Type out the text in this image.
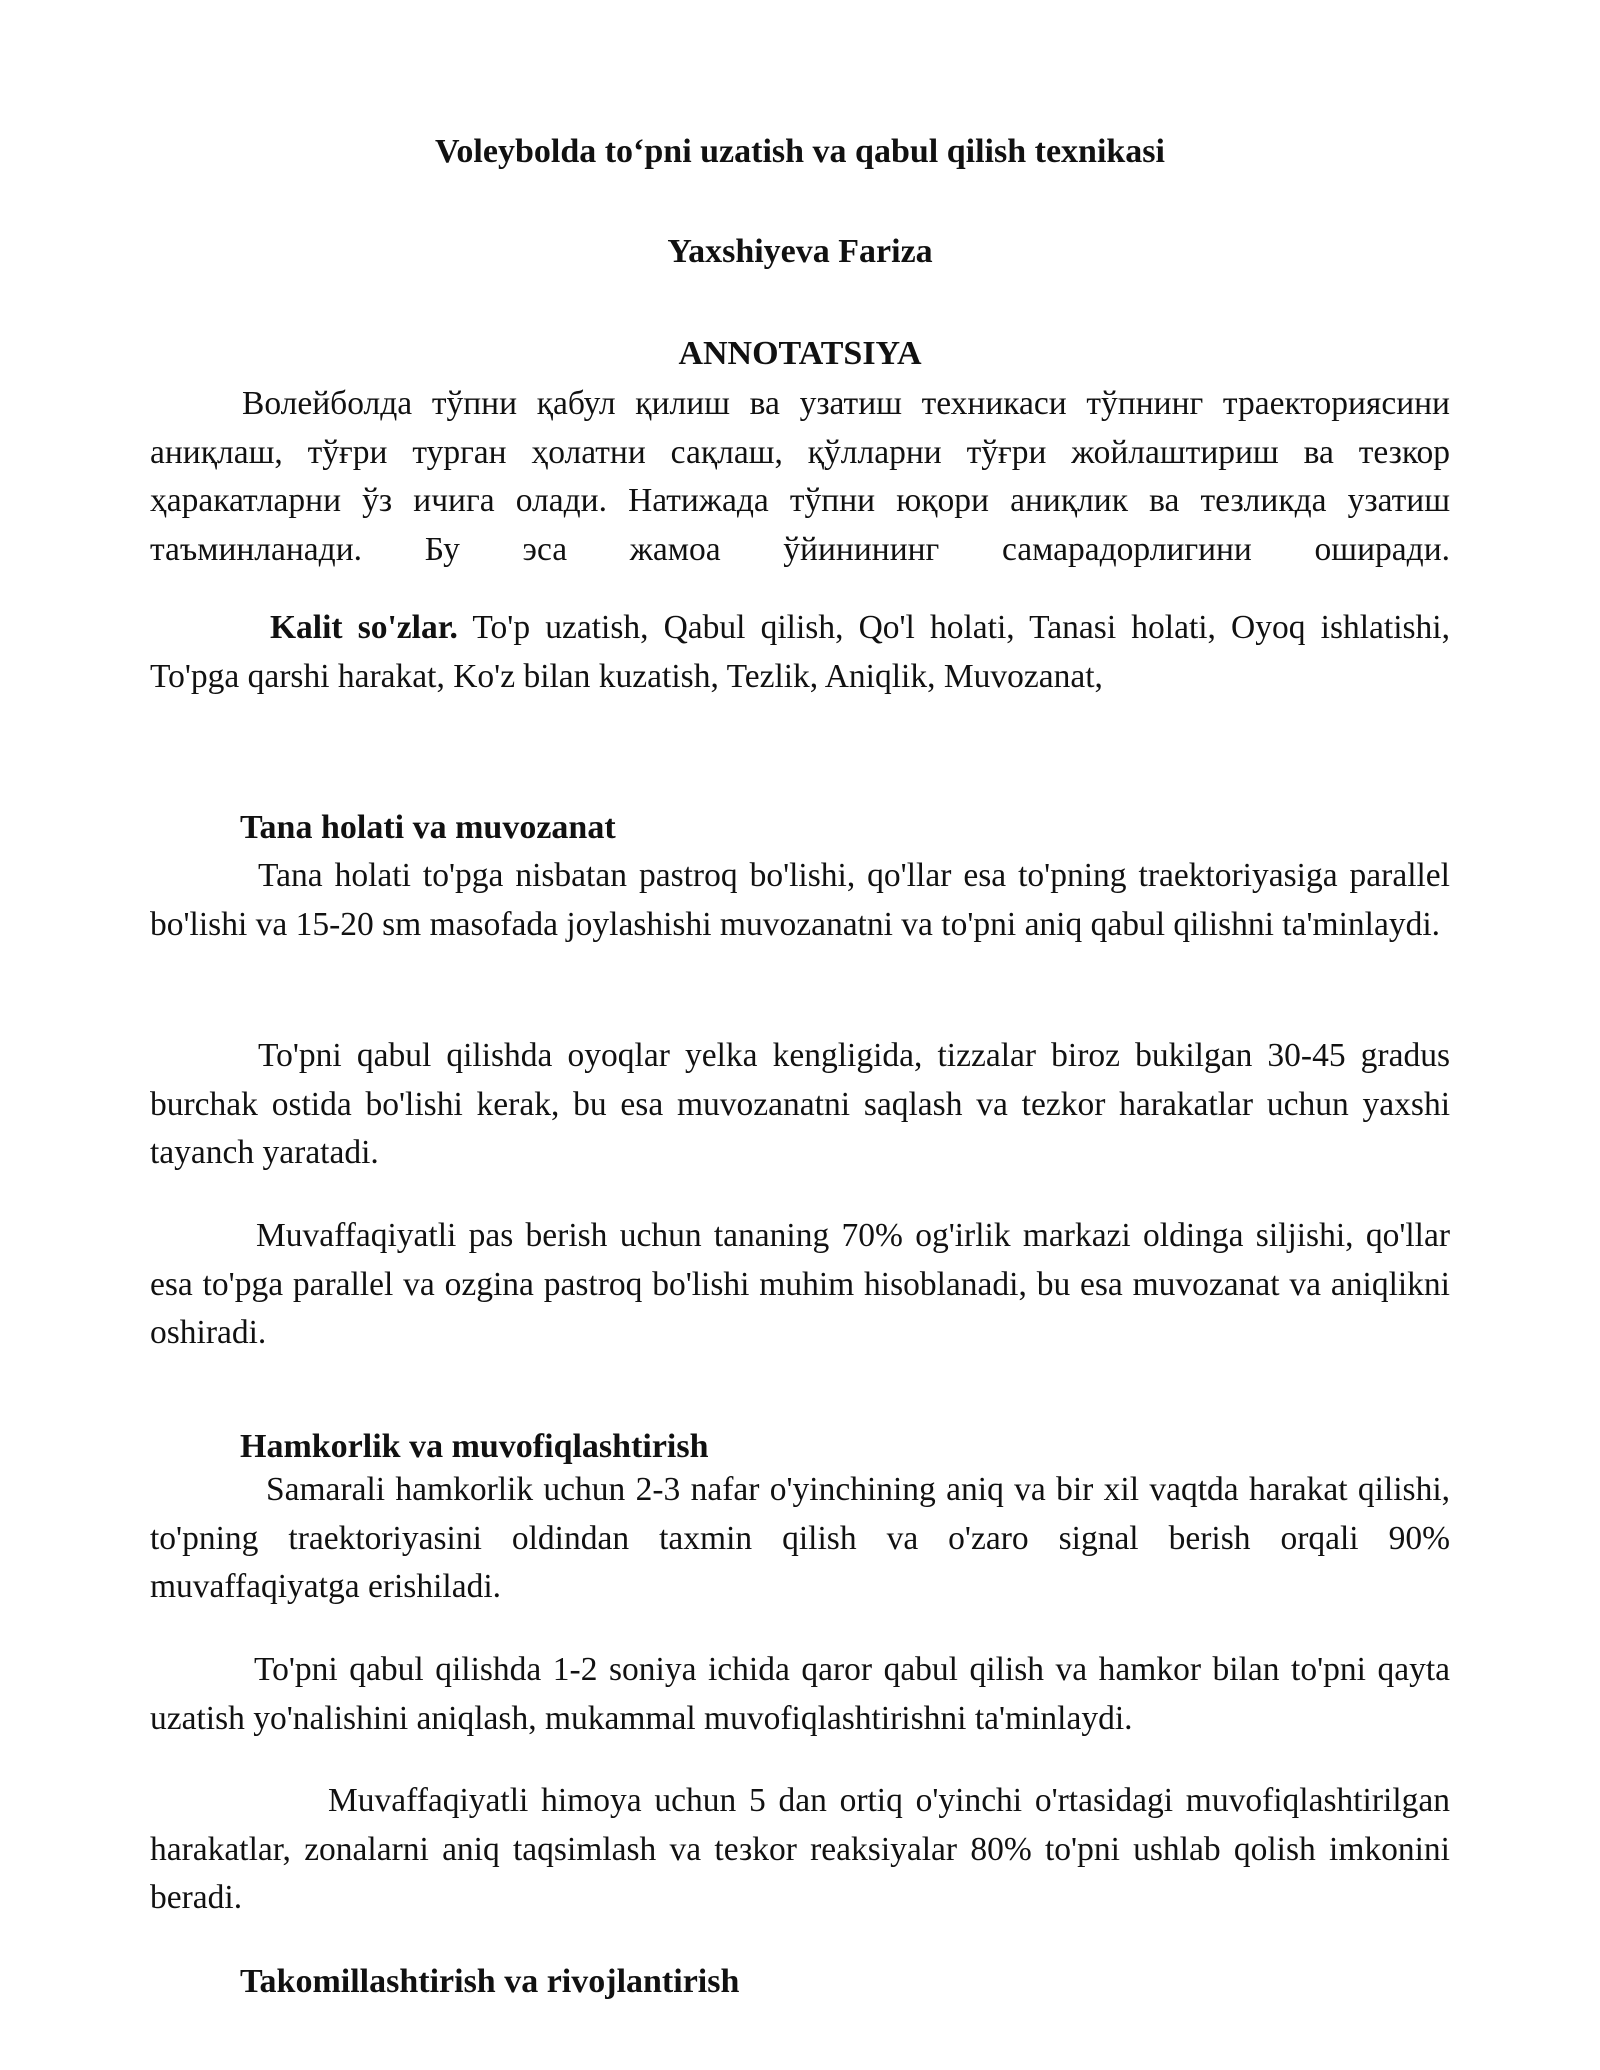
Voleybolda to‘pni uzatish va qabul qilish texnikasi
Yaxshiyeva Fariza
ANNOTATSIYA

Волейболда тўпни қабул қилиш ва узатиш техникаси тўпнинг траекториясини аниқлаш, тўғри турган ҳолатни сақлаш, қўлларни тўғри жойлаштириш ва тезкор ҳаракатларни ўз ичига олади. Натижада тўпни юқори аниқлик ва тезликда узатиш таъминланади. Бу эса жамоа ўйинининг самарадорлигини оширади.

Kalit so'zlar. To'p uzatish, Qabul qilish, Qo'l holati, Tanasi holati, Oyoq ishlatishi, To'pga qarshi harakat, Ko'z bilan kuzatish, Tezlik, Aniqlik, Muvozanat,

Tana holati va muvozanat

Tana holati to'pga nisbatan pastroq bo'lishi, qo'llar esa to'pning traektoriyasiga parallel bo'lishi va 15-20 sm masofada joylashishi muvozanatni va to'pni aniq qabul qilishni ta'minlaydi.

To'pni qabul qilishda oyoqlar yelka kengligida, tizzalar biroz bukilgan 30-45 gradus burchak ostida bo'lishi kerak, bu esa muvozanatni saqlash va tezkor harakatlar uchun yaxshi tayanch yaratadi.

Muvaffaqiyatli pas berish uchun tananing 70% og'irlik markazi oldinga siljishi, qo'llar esa to'pga parallel va ozgina pastroq bo'lishi muhim hisoblanadi, bu esa muvozanat va aniqlikni oshiradi.

Hamkorlik va muvofiqlashtirish

Samarali hamkorlik uchun 2-3 nafar o'yinchining aniq va bir xil vaqtda harakat qilishi, to'pning traektoriyasini oldindan taxmin qilish va o'zaro signal berish orqali 90% muvaffaqiyatga erishiladi.

To'pni qabul qilishda 1-2 soniya ichida qaror qabul qilish va hamkor bilan to'pni qayta uzatish yo'nalishini aniqlash, mukammal muvofiqlashtirishni ta'minlaydi.

Muvaffaqiyatli himoya uchun 5 dan ortiq o'yinchi o'rtasidagi muvofiqlashtirilgan harakatlar, zonalarni aniq taqsimlash va tезkor reaksiyalar 80% to'pni ushlab qolish imkonini beradi.

Takomillashtirish va rivojlantirish
